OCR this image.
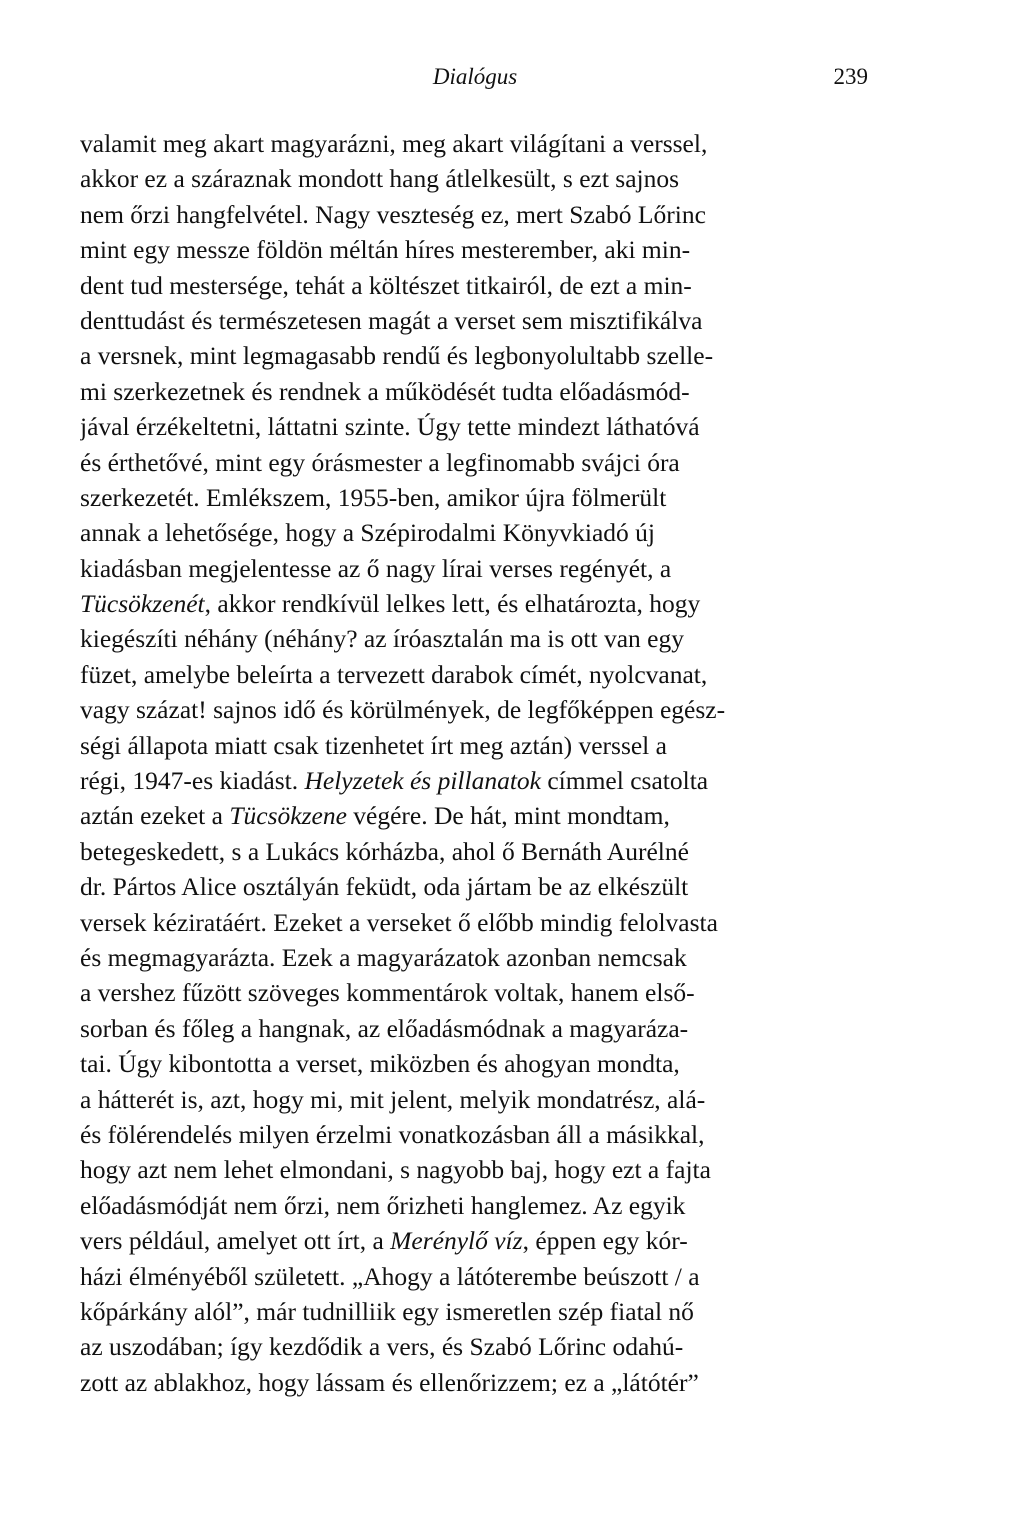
Dialógus	239
valamit meg akart magyarázni, meg akart világítani a verssel,
akkor ez a száraznak mondott hang átlelkesült, s ezt sajnos
nem őrzi hangfelvétel. Nagy veszteség ez, mert Szabó Lőrinc
mint egy messze földön méltán híres mesterember, aki min-
dent tud mestersége, tehát a költészet titkairól, de ezt a min-
denttudást és természetesen magát a verset sem misztifikálva
a versnek, mint legmagasabb rendű és legbonyolultabb szelle-
mi szerkezetnek és rendnek a működését tudta előadásmód-
jával érzékeltetni, láttatni szinte. Úgy tette mindezt láthatóvá
és érthetővé, mint egy órásmester a legfinomabb svájci óra
szerkezetét. Emlékszem, 1955-ben, amikor újra fölmerült
annak a lehetősége, hogy a Szépirodalmi Könyvkiadó új
kiadásban megjelentesse az ő nagy lírai verses regényét, a
Tücsökzenét, akkor rendkívül lelkes lett, és elhatározta, hogy
kiegészíti néhány (néhány? az íróasztalán ma is ott van egy
füzet, amelybe beleírta a tervezett darabok címét, nyolcvanat,
vagy százat! sajnos idő és körülmények, de legfőképpen egész-
ségi állapota miatt csak tizenhetet írt meg aztán) verssel a
régi, 1947-es kiadást. Helyzetek és pillanatok címmel csatolta
aztán ezeket a Tücsökzene végére. De hát, mint mondtam,
betegeskedett, s a Lukács kórházba, ahol ő Bernáth Aurélné
dr. Pártos Alice osztályán feküdt, oda jártam be az elkészült
versek kéziratáért. Ezeket a verseket ő előbb mindig felolvasta
és megmagyarázta. Ezek a magyarázatok azonban nemcsak
a vershez fűzött szöveges kommentárok voltak, hanem első-
sorban és főleg a hangnak, az előadásmódnak a magyaráza-
tai. Úgy kibontotta a verset, miközben és ahogyan mondta,
a hátterét is, azt, hogy mi, mit jelent, melyik mondatrész, alá-
és fölérendelés milyen érzelmi vonatkozásban áll a másikkal,
hogy azt nem lehet elmondani, s nagyobb baj, hogy ezt a fajta
előadásmódját nem őrzi, nem őrizheti hanglemez. Az egyik
vers például, amelyet ott írt, a Merénylő víz, éppen egy kór-
házi élményéből született. „Ahogy a látóterembe beúszott / a
kőpárkány alól”, már tudnilliik egy ismeretlen szép fiatal nő
az uszodában; így kezdődik a vers, és Szabó Lőrinc odahú-
zott az ablakhoz, hogy lássam és ellenőrizzem; ez a „látótér”
